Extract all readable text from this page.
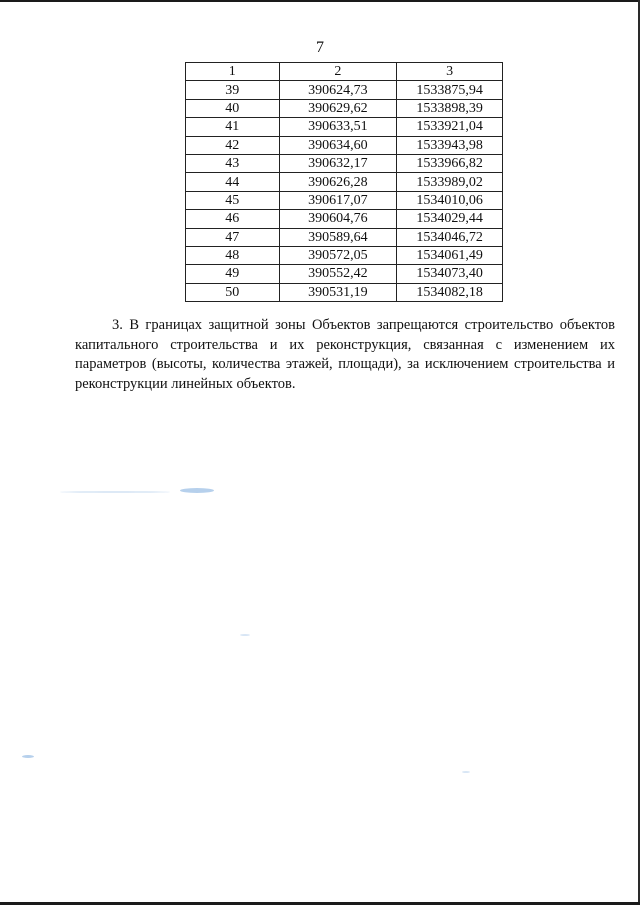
7
1	2	3
39	390624,73	1533875,94
40	390629,62	1533898,39
41	390633,51	1533921,04
42	390634,60	1533943,98
43	390632,17	1533966,82
44	390626,28	1533989,02
45	390617,07	1534010,06
46	390604,76	1534029,44
47	390589,64	1534046,72
48	390572,05	1534061,49
49	390552,42	1534073,40
50	390531,19	1534082,18

3. В границах защитной зоны Объектов запрещаются строительство объектов капитального строительства и их реконструкция, связанная с изменением их параметров (высоты, количества этажей, площади), за исключением строительства и реконструкции линейных объектов.
